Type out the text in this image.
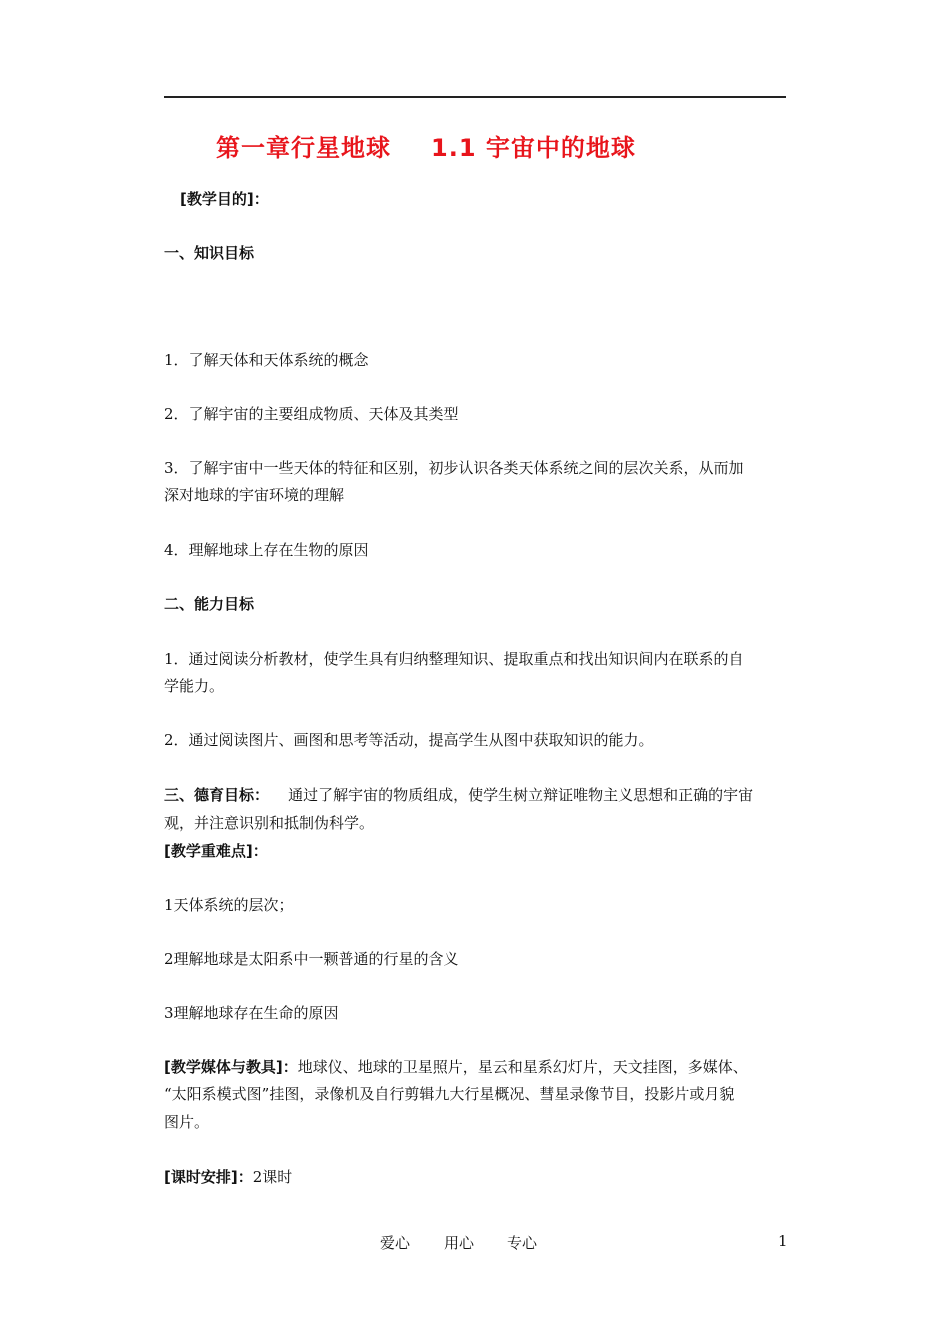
第一章行星地球 1.1 宇宙中的地球
[教学目的]：
一、知识目标
1．了解天体和天体系统的概念
2．了解宇宙的主要组成物质、天体及其类型
3．了解宇宙中一些天体的特征和区别，初步认识各类天体系统之间的层次关系，从而加
深对地球的宇宙环境的理解
4．理解地球上存在生物的原因
二、能力目标
1．通过阅读分析教材，使学生具有归纳整理知识、提取重点和找出知识间内在联系的自
学能力。
2．通过阅读图片、画图和思考等活动，提高学生从图中获取知识的能力。
三、德育目标： 通过了解宇宙的物质组成，使学生树立辩证唯物主义思想和正确的宇宙
观，并注意识别和抵制伪科学。
[教学重难点]：
1天体系统的层次；
2理解地球是太阳系中一颗普通的行星的含义
3理解地球存在生命的原因
[教学媒体与教具]：地球仪、地球的卫星照片，星云和星系幻灯片，天文挂图，多媒体、
“太阳系模式图”挂图，录像机及自行剪辑九大行星概况、彗星录像节目，投影片或月貌
图片。
[课时安排]：2课时
爱心 用心 专心	1
